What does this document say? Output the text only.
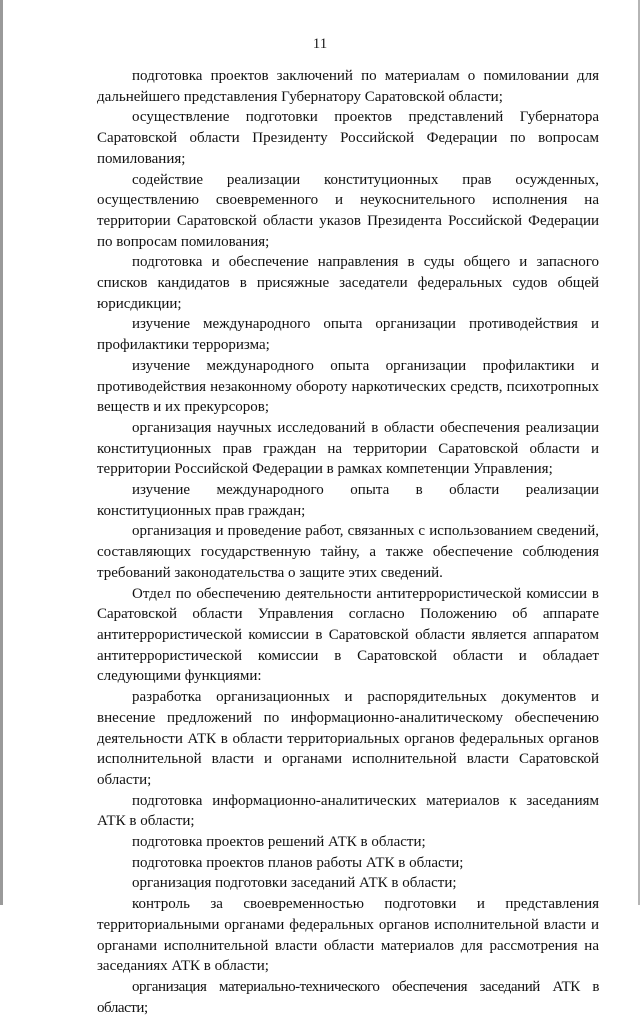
11

подготовка проектов заключений по материалам о помиловании для дальнейшего представления Губернатору Саратовской области;

осуществление подготовки проектов представлений Губернатора Саратовской области Президенту Российской Федерации по вопросам помилования;

содействие реализации конституционных прав осужденных, осуществлению своевременного и неукоснительного исполнения на территории Саратовской области указов Президента Российской Федерации по вопросам помилования;

подготовка и обеспечение направления в суды общего и запасного списков кандидатов в присяжные заседатели федеральных судов общей юрисдикции;

изучение международного опыта организации противодействия и профилактики терроризма;

изучение международного опыта организации профилактики и противодействия незаконному обороту наркотических средств, психотропных веществ и их прекурсоров;

организация научных исследований в области обеспечения реализации конституционных прав граждан на территории Саратовской области и территории Российской Федерации в рамках компетенции Управления;

изучение международного опыта в области реализации конституционных прав граждан;

организация и проведение работ, связанных с использованием сведений, составляющих государственную тайну, а также обеспечение соблюдения требований законодательства о защите этих сведений.

Отдел по обеспечению деятельности антитеррористической комиссии в Саратовской области Управления согласно Положению об аппарате антитеррористической комиссии в Саратовской области является аппаратом антитеррористической комиссии в Саратовской области и обладает следующими функциями:

разработка организационных и распорядительных документов и внесение предложений по информационно-аналитическому обеспечению деятельности АТК в области территориальных органов федеральных органов исполнительной власти и органами исполнительной власти Саратовской области;

подготовка информационно-аналитических материалов к заседаниям АТК в области;

подготовка проектов решений АТК в области;

подготовка проектов планов работы АТК в области;

организация подготовки заседаний АТК в области;

контроль за своевременностью подготовки и представления территориальными органами федеральных органов исполнительной власти и органами исполнительной власти области материалов для рассмотрения на заседаниях АТК в области;

организация материально-технического обеспечения заседаний АТК в области;
